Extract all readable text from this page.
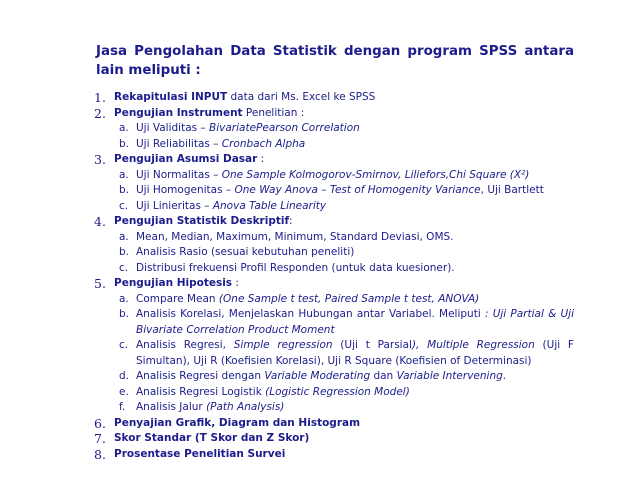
Jasa Pengolahan Data Statistik dengan program SPSS antara lain meliputi :
1. Rekapitulasi INPUT data dari Ms. Excel ke SPSS
2. Pengujian Instrument Penelitian :
a. Uji Validitas – BivariatePearson Correlation
b. Uji Reliabilitas – Cronbach Alpha
3. Pengujian Asumsi Dasar :
a. Uji Normalitas – One Sample Kolmogorov-Smirnov, Liliefors,Chi Square (X²)
b. Uji Homogenitas – One Way Anova – Test of Homogenity Variance, Uji Bartlett
c. Uji Linieritas – Anova Table Linearity
4. Pengujian Statistik Deskriptif:
a. Mean, Median, Maximum, Minimum, Standard Deviasi, OMS.
b. Analisis Rasio (sesuai kebutuhan peneliti)
c. Distribusi frekuensi Profil Responden (untuk data kuesioner).
5. Pengujian Hipotesis :
a. Compare Mean (One Sample t test, Paired Sample t test, ANOVA)
b. Analisis Korelasi, Menjelaskan Hubungan antar Variabel. Meliputi : Uji Partial & Uji Bivariate Correlation Product Moment
c. Analisis Regresi, Simple regression (Uji t Parsial), Multiple Regression (Uji F Simultan), Uji R (Koefisien Korelasi), Uji R Square (Koefisien of Determinasi)
d. Analisis Regresi dengan Variable Moderating dan Variable Intervening.
e. Analisis Regresi Logistik (Logistic Regression Model)
f.	Analisis Jalur (Path Analysis)
6. Penyajian Grafik, Diagram dan Histogram
7. Skor Standar (T Skor dan Z Skor)
8. Prosentase Penelitian Survei
